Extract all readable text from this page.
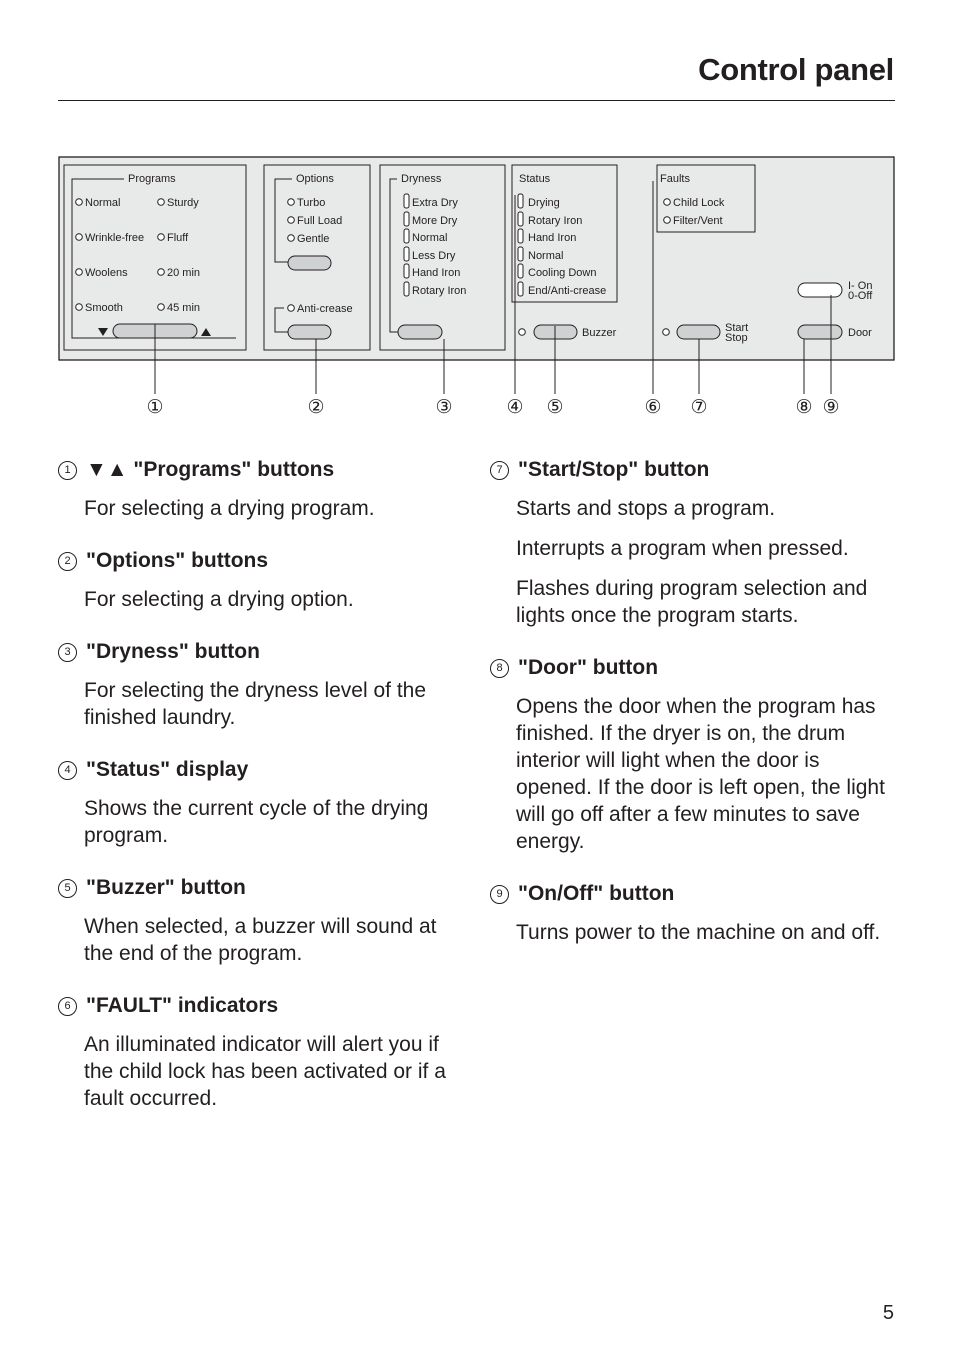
Control panel
Programs
Normal
Wrinkle-free
Woolens
Smooth
Sturdy
Fluff
20 min
45 min
Options
Turbo
Full Load
Gentle
Anti-crease
Dryness
Extra Dry
More Dry
Normal
Less Dry
Hand Iron
Rotary Iron
Status
Drying
Rotary Iron
Hand Iron
Normal
Cooling Down
End/Anti-crease
Buzzer
Faults
Child Lock
Filter/Vent
Start
Stop
I- On
0-Off
Door
①	②	③	④ ⑤	⑥ ⑦	⑧ ⑨
1 ▼▲ "Programs" buttons

For selecting a drying program.

2 "Options" buttons

For selecting a drying option.

3 "Dryness" button

For selecting the dryness level of the finished laundry.

4 "Status" display

Shows the current cycle of the drying program.

5 "Buzzer" button

When selected, a buzzer will sound at the end of the program.

6 "FAULT" indicators

An illuminated indicator will alert you if the child lock has been activated or if a fault occurred.

7 "Start/Stop" button

Starts and stops a program.

Interrupts a program when pressed.

Flashes during program selection and lights once the program starts.

8 "Door" button

Opens the door when the program has finished. If the dryer is on, the drum interior will light when the door is opened. If the door is left open, the light will go off after a few minutes to save energy.

9 "On/Off" button

Turns power to the machine on and off.

5
